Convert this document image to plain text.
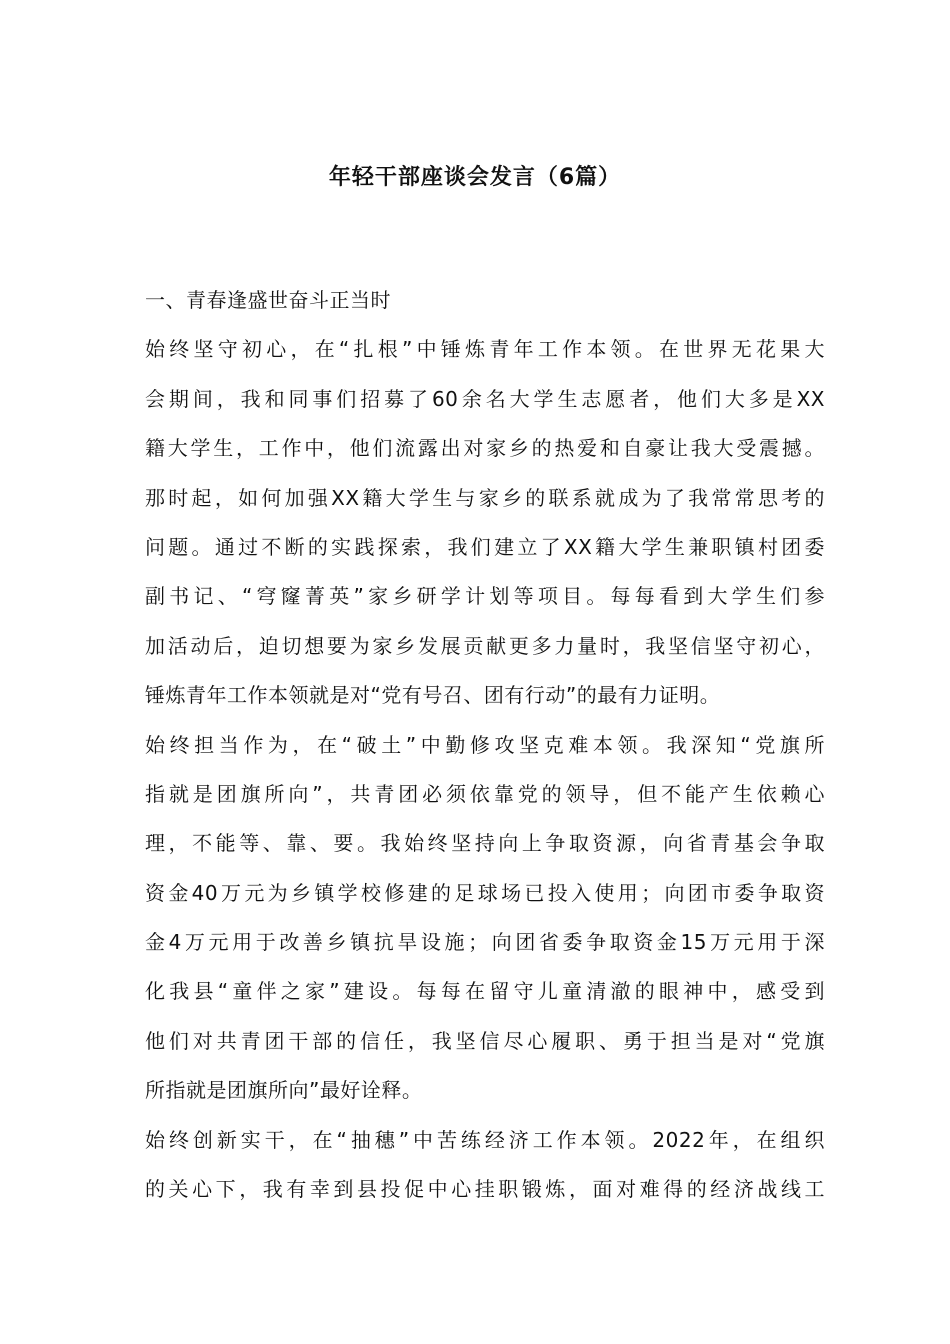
年轻干部座谈会发言（6篇）
一、青春逢盛世奋斗正当时
始终坚守初心，在“扎根”中锤炼青年工作本领。在世界无花果大
会期间，我和同事们招募了60余名大学生志愿者，他们大多是XX
籍大学生，工作中，他们流露出对家乡的热爱和自豪让我大受震撼。
那时起，如何加强XX籍大学生与家乡的联系就成为了我常常思考的
问题。通过不断的实践探索，我们建立了XX籍大学生兼职镇村团委
副书记、“穹窿菁英”家乡研学计划等项目。每每看到大学生们参
加活动后，迫切想要为家乡发展贡献更多力量时，我坚信坚守初心，
锤炼青年工作本领就是对“党有号召、团有行动”的最有力证明。
始终担当作为，在“破土”中勤修攻坚克难本领。我深知“党旗所
指就是团旗所向”，共青团必须依靠党的领导，但不能产生依赖心
理，不能等、靠、要。我始终坚持向上争取资源，向省青基会争取
资金40万元为乡镇学校修建的足球场已投入使用；向团市委争取资
金4万元用于改善乡镇抗旱设施；向团省委争取资金15万元用于深
化我县“童伴之家”建设。每每在留守儿童清澈的眼神中，感受到
他们对共青团干部的信任，我坚信尽心履职、勇于担当是对“党旗
所指就是团旗所向”最好诠释。
始终创新实干，在“抽穗”中苦练经济工作本领。2022年，在组织
的关心下，我有幸到县投促中心挂职锻炼，面对难得的经济战线工
